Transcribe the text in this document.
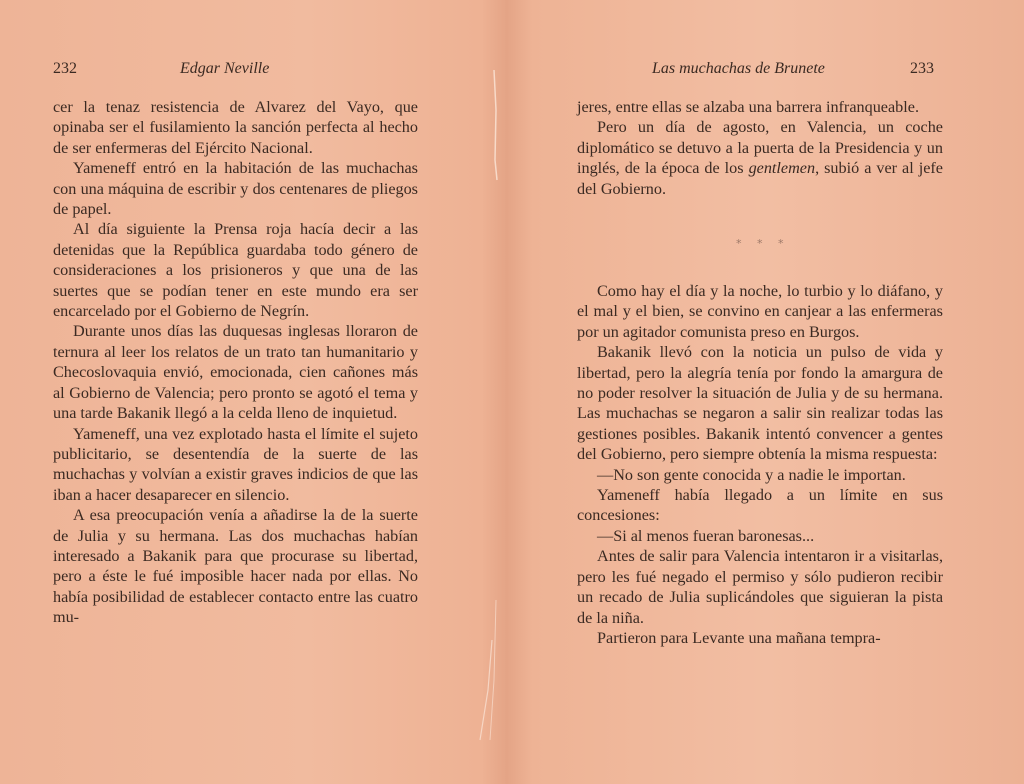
232	Edgar Neville

cer la tenaz resistencia de Alvarez del Vayo, que opinaba ser el fusilamiento la sanción perfecta al hecho de ser enfermeras del Ejército Nacional.

Yameneff entró en la habitación de las muchachas con una máquina de escribir y dos centenares de pliegos de papel.

Al día siguiente la Prensa roja hacía decir a las detenidas que la República guardaba todo género de consideraciones a los prisioneros y que una de las suertes que se podían tener en este mundo era ser encarcelado por el Gobierno de Negrín.

Durante unos días las duquesas inglesas lloraron de ternura al leer los relatos de un trato tan humanitario y Checoslovaquia envió, emocionada, cien cañones más al Gobierno de Valencia; pero pronto se agotó el tema y una tarde Bakanik llegó a la celda lleno de inquietud.

Yameneff, una vez explotado hasta el límite el sujeto publicitario, se desentendía de la suerte de las muchachas y volvían a existir graves indicios de que las iban a hacer desaparecer en silencio.

A esa preocupación venía a añadirse la de la suerte de Julia y su hermana. Las dos muchachas habían interesado a Bakanik para que procurase su libertad, pero a éste le fué imposible hacer nada por ellas. No había posibilidad de establecer contacto entre las cuatro mu-

Las muchachas de Brunete	233

jeres, entre ellas se alzaba una barrera infranqueable.

Pero un día de agosto, en Valencia, un coche diplomático se detuvo a la puerta de la Presidencia y un inglés, de la época de los gentlemen, subió a ver al jefe del Gobierno.

* * *

Como hay el día y la noche, lo turbio y lo diáfano, y el mal y el bien, se convino en canjear a las enfermeras por un agitador comunista preso en Burgos.

Bakanik llevó con la noticia un pulso de vida y libertad, pero la alegría tenía por fondo la amargura de no poder resolver la situación de Julia y de su hermana. Las muchachas se negaron a salir sin realizar todas las gestiones posibles. Bakanik intentó convencer a gentes del Gobierno, pero siempre obtenía la misma respuesta:

—No son gente conocida y a nadie le importan.

Yameneff había llegado a un límite en sus concesiones:

—Si al menos fueran baronesas...

Antes de salir para Valencia intentaron ir a visitarlas, pero les fué negado el permiso y sólo pudieron recibir un recado de Julia suplicándoles que siguieran la pista de la niña.

Partieron para Levante una mañana tempra-
